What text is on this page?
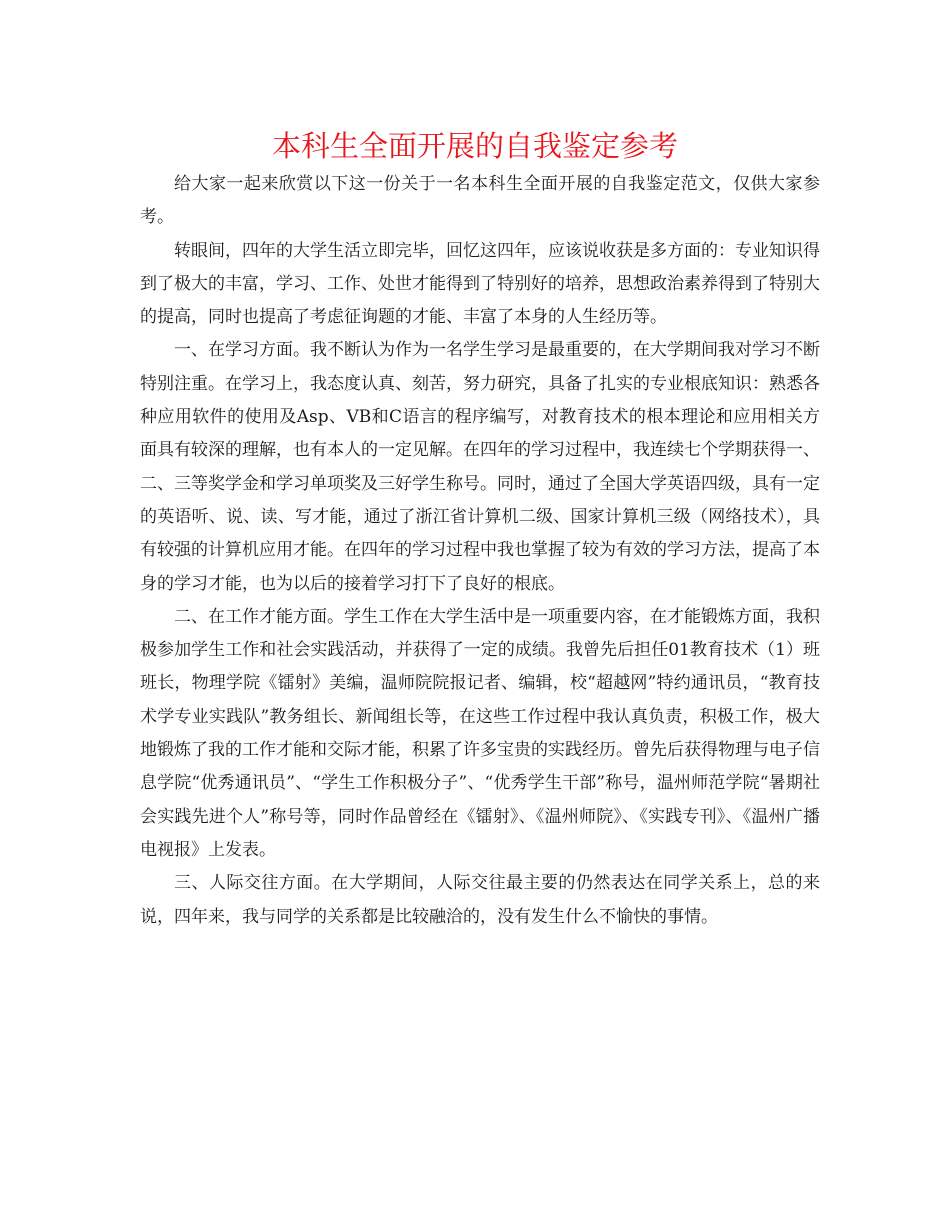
本科生全面开展的自我鉴定参考

给大家一起来欣赏以下这一份关于一名本科生全面开展的自我鉴定范文，仅供大家参考。

转眼间，四年的大学生活立即完毕，回忆这四年，应该说收获是多方面的：专业知识得到了极大的丰富，学习、工作、处世才能得到了特别好的培养，思想政治素养得到了特别大的提高，同时也提高了考虑征询题的才能、丰富了本身的人生经历等。

一、在学习方面。我不断认为作为一名学生学习是最重要的，在大学期间我对学习不断特别注重。在学习上，我态度认真、刻苦，努力研究，具备了扎实的专业根底知识：熟悉各种应用软件的使用及Asp、VB和C语言的程序编写，对教育技术的根本理论和应用相关方面具有较深的理解，也有本人的一定见解。在四年的学习过程中，我连续七个学期获得一、二、三等奖学金和学习单项奖及三好学生称号。同时，通过了全国大学英语四级，具有一定的英语听、说、读、写才能，通过了浙江省计算机二级、国家计算机三级（网络技术），具有较强的计算机应用才能。在四年的学习过程中我也掌握了较为有效的学习方法，提高了本身的学习才能，也为以后的接着学习打下了良好的根底。

二、在工作才能方面。学生工作在大学生活中是一项重要内容，在才能锻炼方面，我积极参加学生工作和社会实践活动，并获得了一定的成绩。我曾先后担任01教育技术（1）班班长，物理学院《镭射》美编，温师院院报记者、编辑，校“超越网”特约通讯员，“教育技术学专业实践队”教务组长、新闻组长等，在这些工作过程中我认真负责，积极工作，极大地锻炼了我的工作才能和交际才能，积累了许多宝贵的实践经历。曾先后获得物理与电子信息学院“优秀通讯员”、“学生工作积极分子”、“优秀学生干部”称号，温州师范学院“暑期社会实践先进个人”称号等，同时作品曾经在《镭射》、《温州师院》、《实践专刊》、《温州广播电视报》上发表。

三、人际交往方面。在大学期间，人际交往最主要的仍然表达在同学关系上，总的来说，四年来，我与同学的关系都是比较融洽的，没有发生什么不愉快的事情。
